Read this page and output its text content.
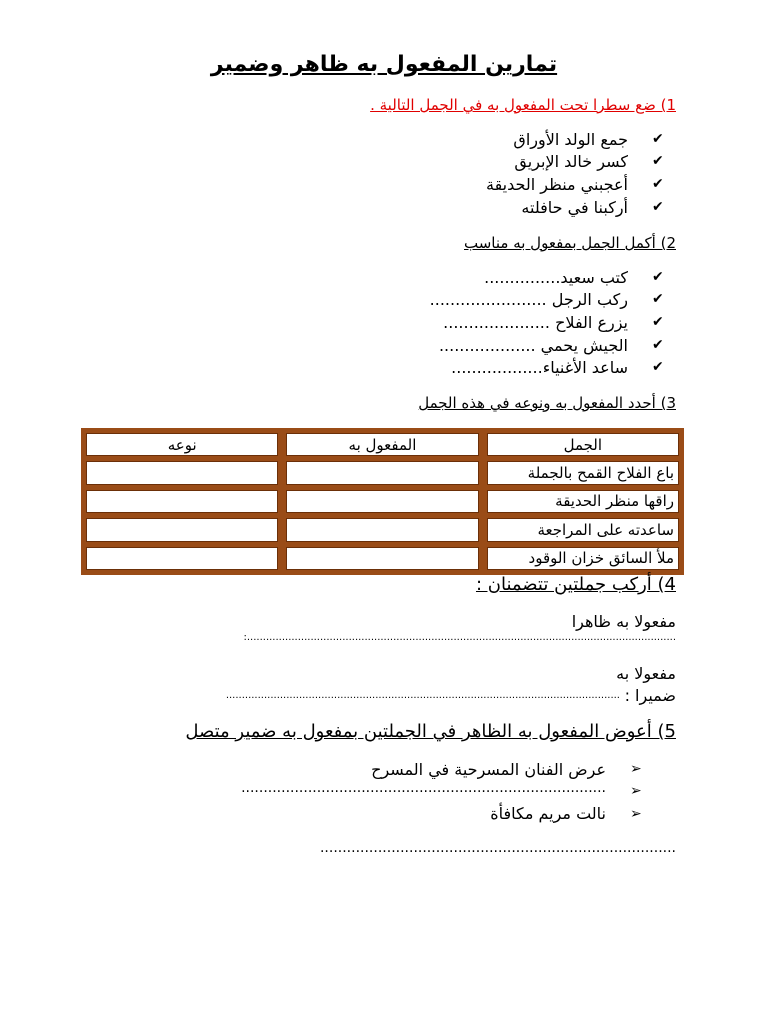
تمارين المفعول به ظاهر وضمير
1) ضع سطرا تحت المفعول به في الجمل التالية .
جمع الولد الأوراق
كسر خالد الإبريق
أعجبني منظر الحديقة
أركبنا في حافلته
✔
✔
✔
✔
2) أكمل الجمل بمفعول به مناسب
كتب سعيد...............
ركب الرجل .......................
يزرع الفلاح .....................
الجيش يحمي ...................
ساعد الأغنياء..................
✔
✔
✔
✔
✔
3) أحدد المفعول به ونوعه في هذه الجمل
نوعه	المفعول به	الجمل
		باع الفلاح القمح بالجملة
		راقها منظر الحديقة
		ساعدته على المراجعة
		ملأ السائق خزان الوقود
4) أركب جملتين تتضمنان :
مفعولا به ظاهرا
:.......................................................................................................................................
مفعولا به
ضميرا :
............................................................................................................................
5) أعوض المفعول به الظاهر في الجملتين بمفعول به ضمير متصل
عرض الفنان المسرحية في المسرح
..................................................................................
نالت مريم مكافأة
➢
➢
➢
................................................................................
